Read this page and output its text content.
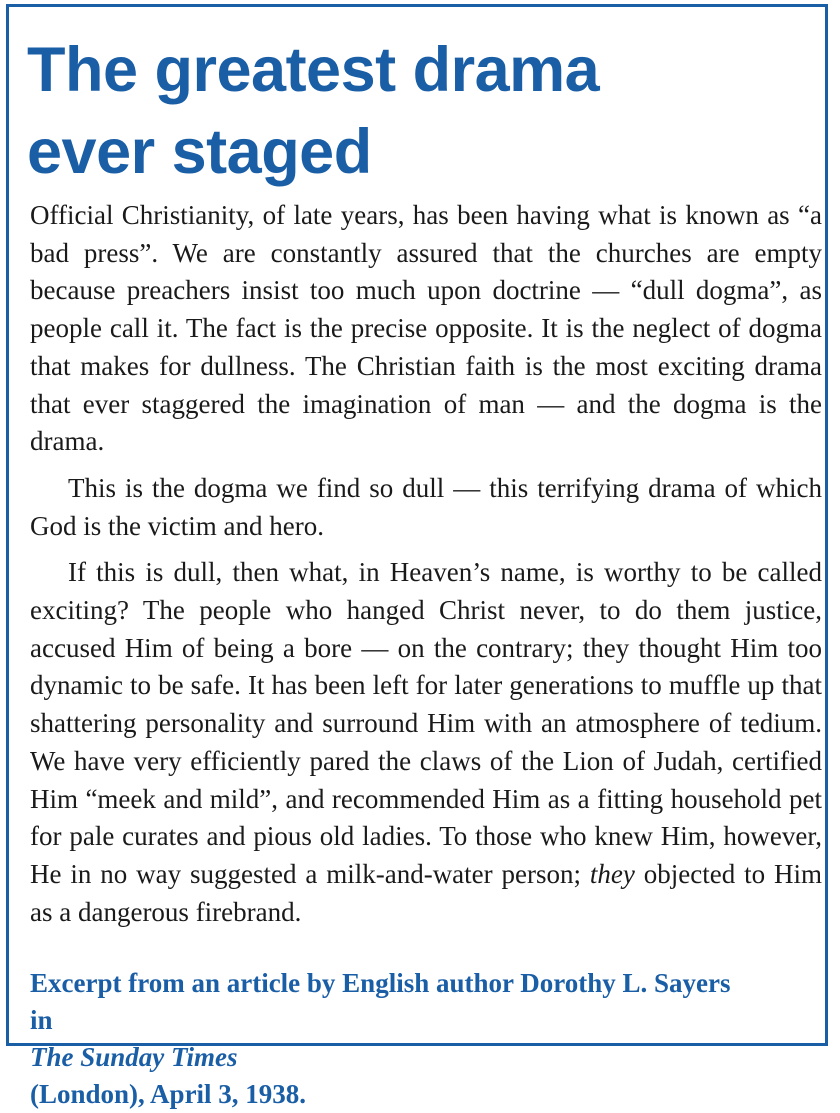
The greatest drama
ever staged

Official Christianity, of late years, has been having what is known as “a bad press”. We are constantly assured that the churches are empty because preachers insist too much upon doctrine — “dull dogma”, as people call it. The fact is the precise opposite. It is the neglect of dogma that makes for dullness. The Christian faith is the most exciting drama that ever staggered the imagination of man — and the dogma is the drama.

This is the dogma we find so dull — this terrifying drama of which God is the victim and hero.

If this is dull, then what, in Heaven’s name, is worthy to be called exciting? The people who hanged Christ never, to do them justice, accused Him of being a bore — on the contrary; they thought Him too dynamic to be safe. It has been left for later generations to muffle up that shattering personality and surround Him with an atmosphere of tedium. We have very efficiently pared the claws of the Lion of Judah, certified Him “meek and mild”, and recommended Him as a fitting household pet for pale curates and pious old ladies. To those who knew Him, however, He in no way suggested a milk-and-water person; they objected to Him as a dangerous firebrand.

Excerpt from an article by English author Dorothy L. Sayers
in
The Sunday Times
(London), April 3, 1938.
